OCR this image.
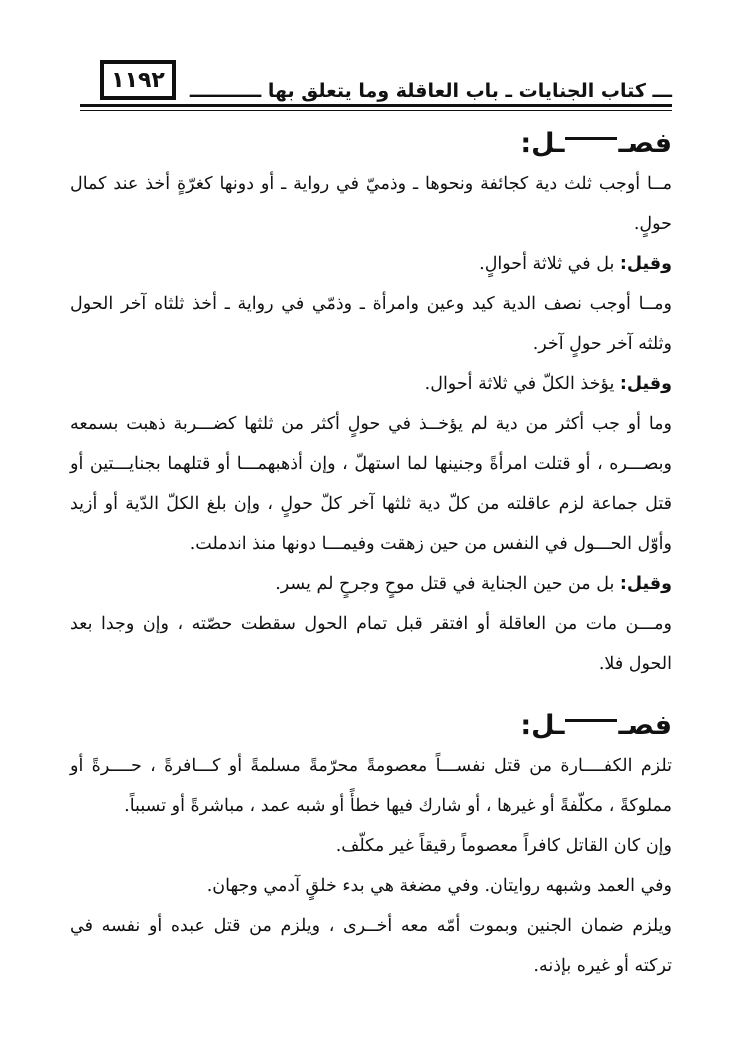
١١٩٢	ـــ كتاب الجنايات ـ باب العاقلة وما يتعلق بها ـــــــــــ
فصــل:

مــا أوجب ثلث دية كجائفة ونحوها ـ وذميّ في رواية ـ أو دونها كغرّةٍ أخذ عند كمال حولٍ.

وقيل: بل في ثلاثة أحوالٍ.

ومــا أوجب نصف الدية كيد وعين وامرأة ـ وذمّي في رواية ـ أخذ ثلثاه آخر الحول وثلثه آخر حولٍ آخر.

وقيل: يؤخذ الكلّ في ثلاثة أحوال.

وما أو جب أكثر من دية لم يؤخــذ في حولٍ أكثر من ثلثها كضـــربة ذهبت بسمعه وبصـــره ، أو قتلت امرأةً وجنينها لما استهلّ ، وإن أذهبهمـــا أو قتلهما بجنايـــتين أو قتل جماعة لزم عاقلته من كلّ دية ثلثها آخر كلّ حولٍ ، وإن بلغ الكلّ الدّية أو أزيد وأوّل الحـــول في النفس من حين زهقت وفيمـــا دونها منذ اندملت.

وقيل: بل من حين الجناية في قتل موحٍ وجرحٍ لم يسر.

ومـــن مات من العاقلة أو افتقر قبل تمام الحول سقطت حصّته ، وإن وجدا بعد الحول فلا.

فصــل:

تلزم الكفــــارة من قتل نفســـاً معصومةً محرّمةً مسلمةً أو كـــافرةً ، حــــرةً أو مملوكةً ، مكلّفةً أو غيرها ، أو شارك فيها خطأً أو شبه عمد ، مباشرةً أو تسبباً.

وإن كان القاتل كافراً معصوماً رقيقاً غير مكلّف.

وفي العمد وشبهه روايتان. وفي مضغة هي بدء خلقٍ آدمي وجهان.

ويلزم ضمان الجنين وبموت أمّه معه أخــرى ، ويلزم من قتل عبده أو نفسه في تركته أو غيره بإذنه.
